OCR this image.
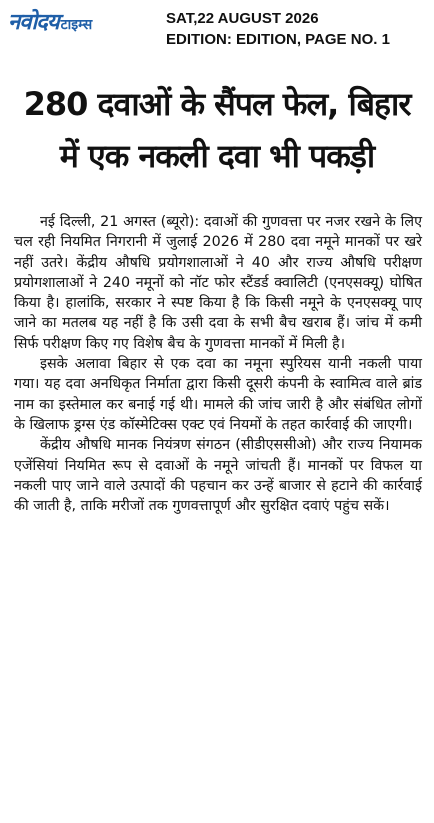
नवोदय टाइम्स	SAT,22 AUGUST 2026
EDITION: EDITION, PAGE NO. 1
280 दवाओं के सैंपल फेल, बिहार
में एक नकली दवा भी पकड़ी

नई दिल्ली, 21 अगस्त (ब्यूरो): दवाओं की गुणवत्ता पर नजर रखने के लिए चल रही नियमित निगरानी में जुलाई 2026 में 280 दवा नमूने मानकों पर खरे नहीं उतरे। केंद्रीय औषधि प्रयोगशालाओं ने 40 और राज्य औषधि परीक्षण प्रयोगशालाओं ने 240 नमूनों को नॉट फोर स्टैंडर्ड क्वालिटी (एनएसक्यू) घोषित किया है। हालांकि, सरकार ने स्पष्ट किया है कि किसी नमूने के एनएसक्यू पाए जाने का मतलब यह नहीं है कि उसी दवा के सभी बैच खराब हैं। जांच में कमी सिर्फ परीक्षण किए गए विशेष बैच के गुणवत्ता मानकों में मिली है।

इसके अलावा बिहार से एक दवा का नमूना स्पुरियस यानी नकली पाया गया। यह दवा अनधिकृत निर्माता द्वारा किसी दूसरी कंपनी के स्वामित्व वाले ब्रांड नाम का इस्तेमाल कर बनाई गई थी। मामले की जांच जारी है और संबंधित लोगों के खिलाफ ड्रग्स एंड कॉस्मेटिक्स एक्ट एवं नियमों के तहत कार्रवाई की जाएगी।

केंद्रीय औषधि मानक नियंत्रण संगठन (सीडीएससीओ) और राज्य नियामक एजेंसियां नियमित रूप से दवाओं के नमूने जांचती हैं। मानकों पर विफल या नकली पाए जाने वाले उत्पादों की पहचान कर उन्हें बाजार से हटाने की कार्रवाई की जाती है, ताकि मरीजों तक गुणवत्तापूर्ण और सुरक्षित दवाएं पहुंच सकें।
